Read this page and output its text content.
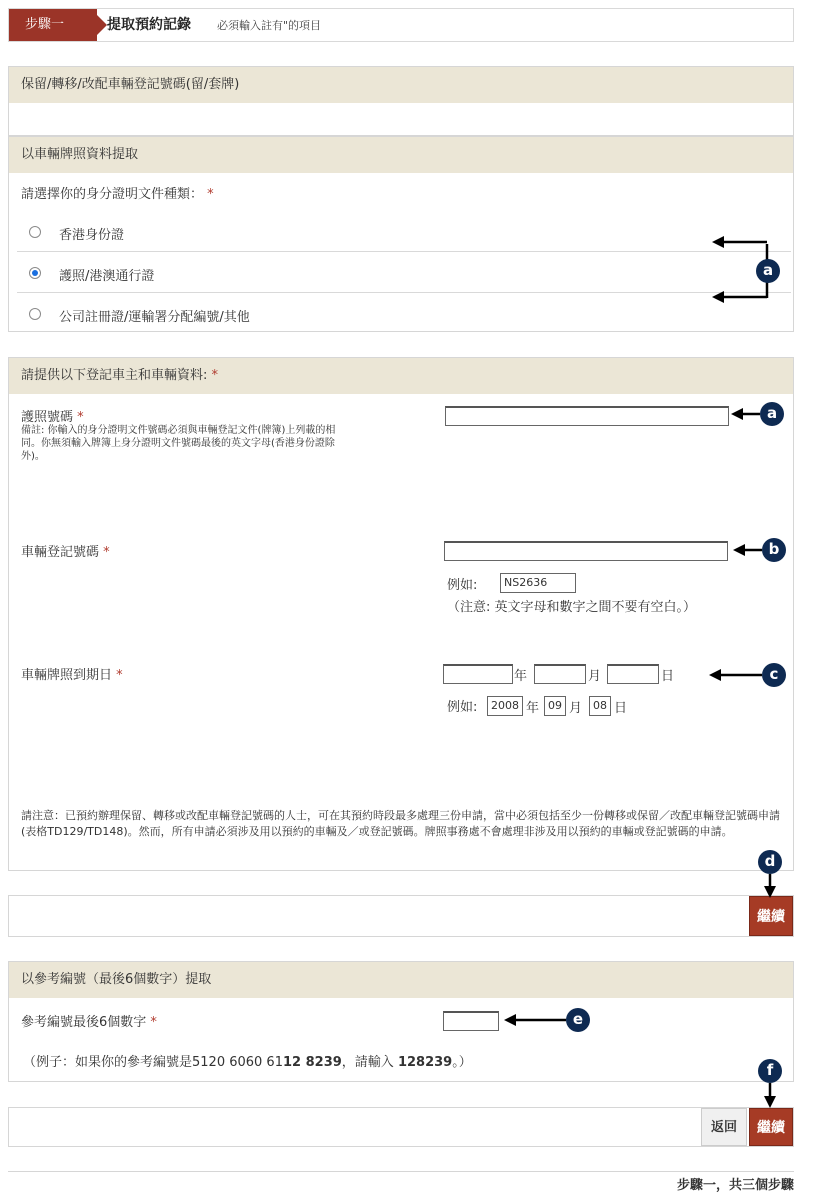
步驟一	提取預約記錄 必須輸入註有"的項目
保留/轉移/改配車輛登記號碼(留/套牌)
以車輛牌照資料提取
請選擇你的身分證明文件種類： *
香港身份證
護照/港澳通行證
公司註冊證/運輸署分配編號/其他
請提供以下登記車主和車輛資料: *
護照號碼 *
備註: 你輸入的身分證明文件號碼必須與車輛登記文件(牌簿)上列載的相同。你無須輸入牌簿上身分證明文件號碼最後的英文字母(香港身份證除外)。
車輛登記號碼 *
例如:	NS2636
（注意: 英文字母和數字之間不要有空白。）
車輛牌照到期日 *	年	月	日
例如:	2008 年 09 月 08 日
請注意：已預約辦理保留、轉移或改配車輛登記號碼的人士，可在其預約時段最多處理三份申請，當中必須包括至少一份轉移或保留／改配車輛登記號碼申請(表格TD129/TD148)。然而，所有申請必須涉及用以預約的車輛及／或登記號碼。牌照事務處不會處理非涉及用以預約的車輛或登記號碼的申請。
繼續
以參考編號（最後6個數字）提取
參考編號最後6個數字 *
（例子：如果你的參考編號是5120 6060 6112 8239，請輸入 128239。）
返回	繼續
步驟一，共三個步驟
a
a
b
c
d
e
f
